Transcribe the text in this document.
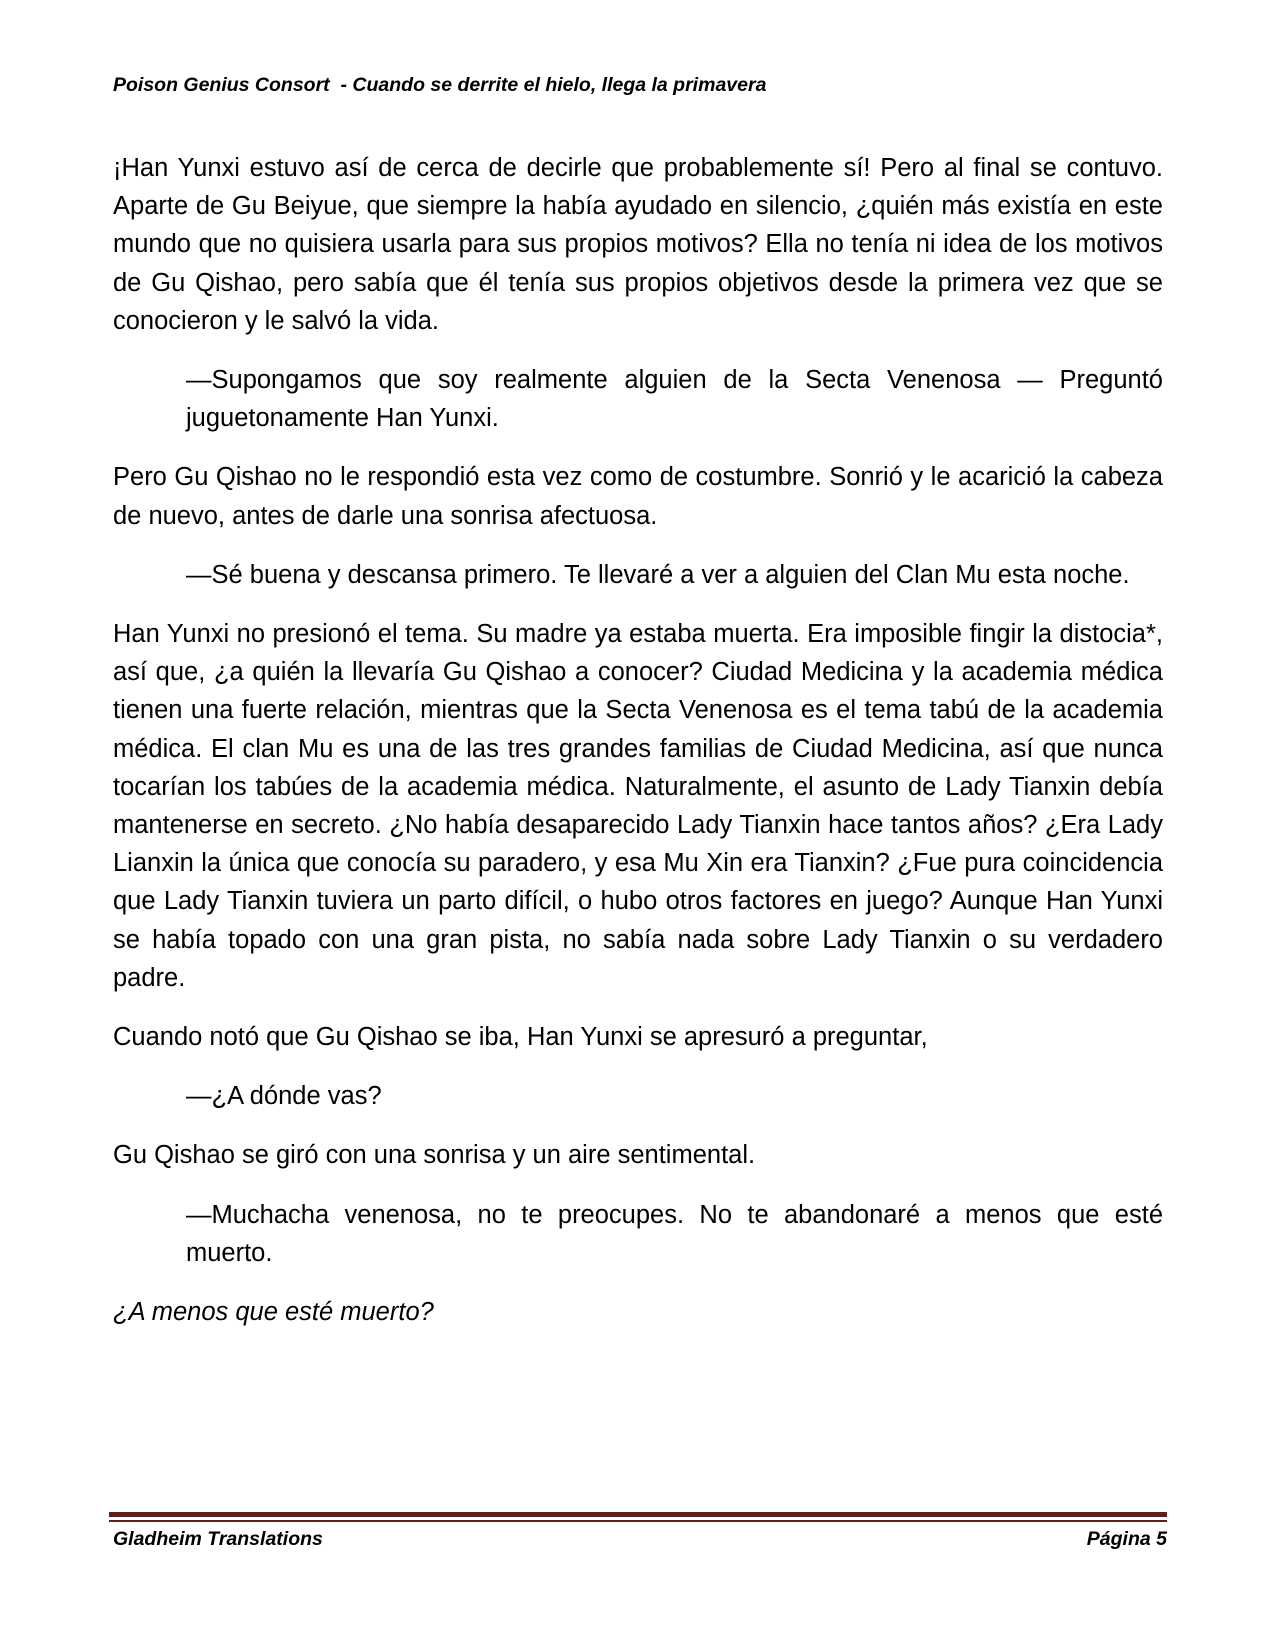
Poison Genius Consort  - Cuando se derrite el hielo, llega la primavera

¡Han Yunxi estuvo así de cerca de decirle que probablemente sí! Pero al final se contuvo. Aparte de Gu Beiyue, que siempre la había ayudado en silencio, ¿quién más existía en este mundo que no quisiera usarla para sus propios motivos? Ella no tenía ni idea de los motivos de Gu Qishao, pero sabía que él tenía sus propios objetivos desde la primera vez que se conocieron y le salvó la vida.

—Supongamos que soy realmente alguien de la Secta Venenosa — Preguntó juguetonamente Han Yunxi.

Pero Gu Qishao no le respondió esta vez como de costumbre. Sonrió y le acarició la cabeza de nuevo, antes de darle una sonrisa afectuosa.

—Sé buena y descansa primero. Te llevaré a ver a alguien del Clan Mu esta noche.

Han Yunxi no presionó el tema. Su madre ya estaba muerta. Era imposible fingir la distocia*, así que, ¿a quién la llevaría Gu Qishao a conocer? Ciudad Medicina y la academia médica tienen una fuerte relación, mientras que la Secta Venenosa es el tema tabú de la academia médica. El clan Mu es una de las tres grandes familias de Ciudad Medicina, así que nunca tocarían los tabúes de la academia médica. Naturalmente, el asunto de Lady Tianxin debía mantenerse en secreto. ¿No había desaparecido Lady Tianxin hace tantos años? ¿Era Lady Lianxin la única que conocía su paradero, y esa Mu Xin era Tianxin? ¿Fue pura coincidencia que Lady Tianxin tuviera un parto difícil, o hubo otros factores en juego? Aunque Han Yunxi se había topado con una gran pista, no sabía nada sobre Lady Tianxin o su verdadero padre.

Cuando notó que Gu Qishao se iba, Han Yunxi se apresuró a preguntar,

—¿A dónde vas?

Gu Qishao se giró con una sonrisa y un aire sentimental.

—Muchacha venenosa, no te preocupes. No te abandonaré a menos que esté muerto.

¿A menos que esté muerto?

Gladheim Translations	Página 5
